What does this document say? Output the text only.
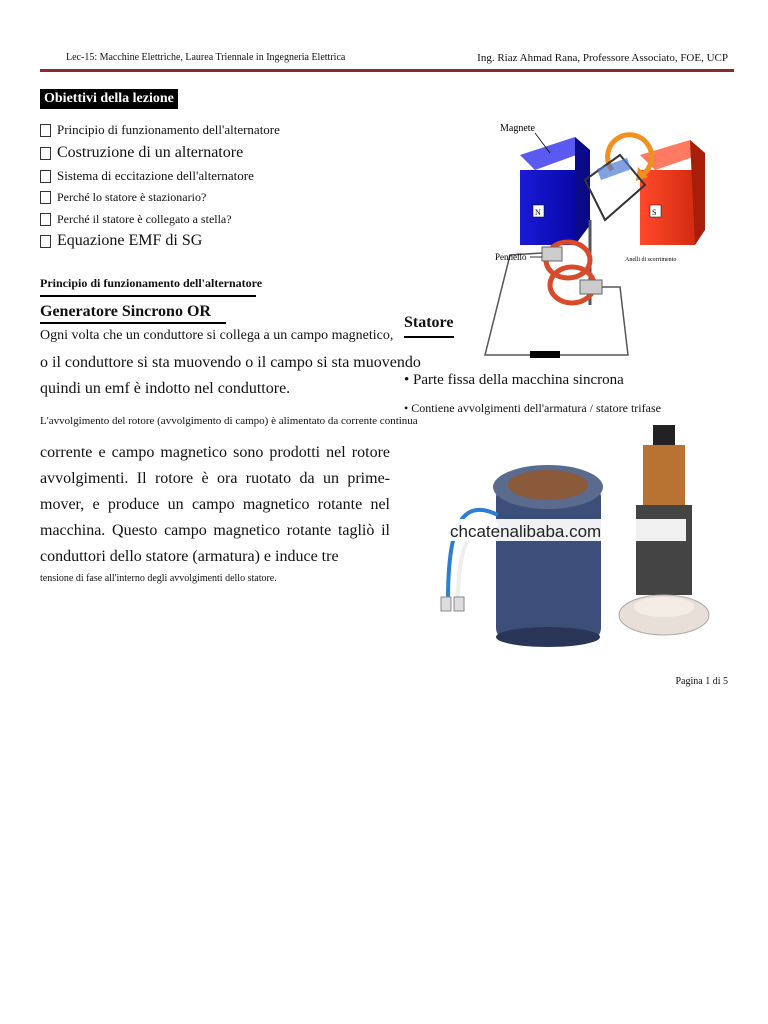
Lec-15: Macchine Elettriche, Laurea Triennale in Ingegneria Elettrica	Ing. Riaz Ahmad Rana, Professore Associato, FOE, UCP
Obiettivi della lezione
Principio di funzionamento dell'alternatore
Costruzione di un alternatore
Sistema di eccitazione dell'alternatore
Perché lo statore è stazionario?
Perché il statore è collegato a stella?
Equazione EMF di SG
Principio di funzionamento dell'alternatore
Generatore Sincrono OR
Ogni volta che un conduttore si collega a un campo magnetico,
o il conduttore si sta muovendo o il campo si sta muovendo
quindi un emf è indotto nel conduttore.
L'avvolgimento del rotore (avvolgimento di campo) è alimentato da corrente continua
corrente e campo magnetico sono prodotti nel rotore avvolgimenti. Il rotore è ora ruotato da un prime-mover, e produce un campo magnetico rotante nel macchina. Questo campo magnetico rotante tagliò il conduttori dello statore (armatura) e induce tre
tensione di fase all'interno degli avvolgimenti dello statore.
N	S
Magnete
Pennello	Anelli di scorrimento
Statore
• Parte fissa della macchina sincrona
• Contiene avvolgimenti dell'armatura / statore trifase
chcatenalibaba.com
Pagina 1 di 5
